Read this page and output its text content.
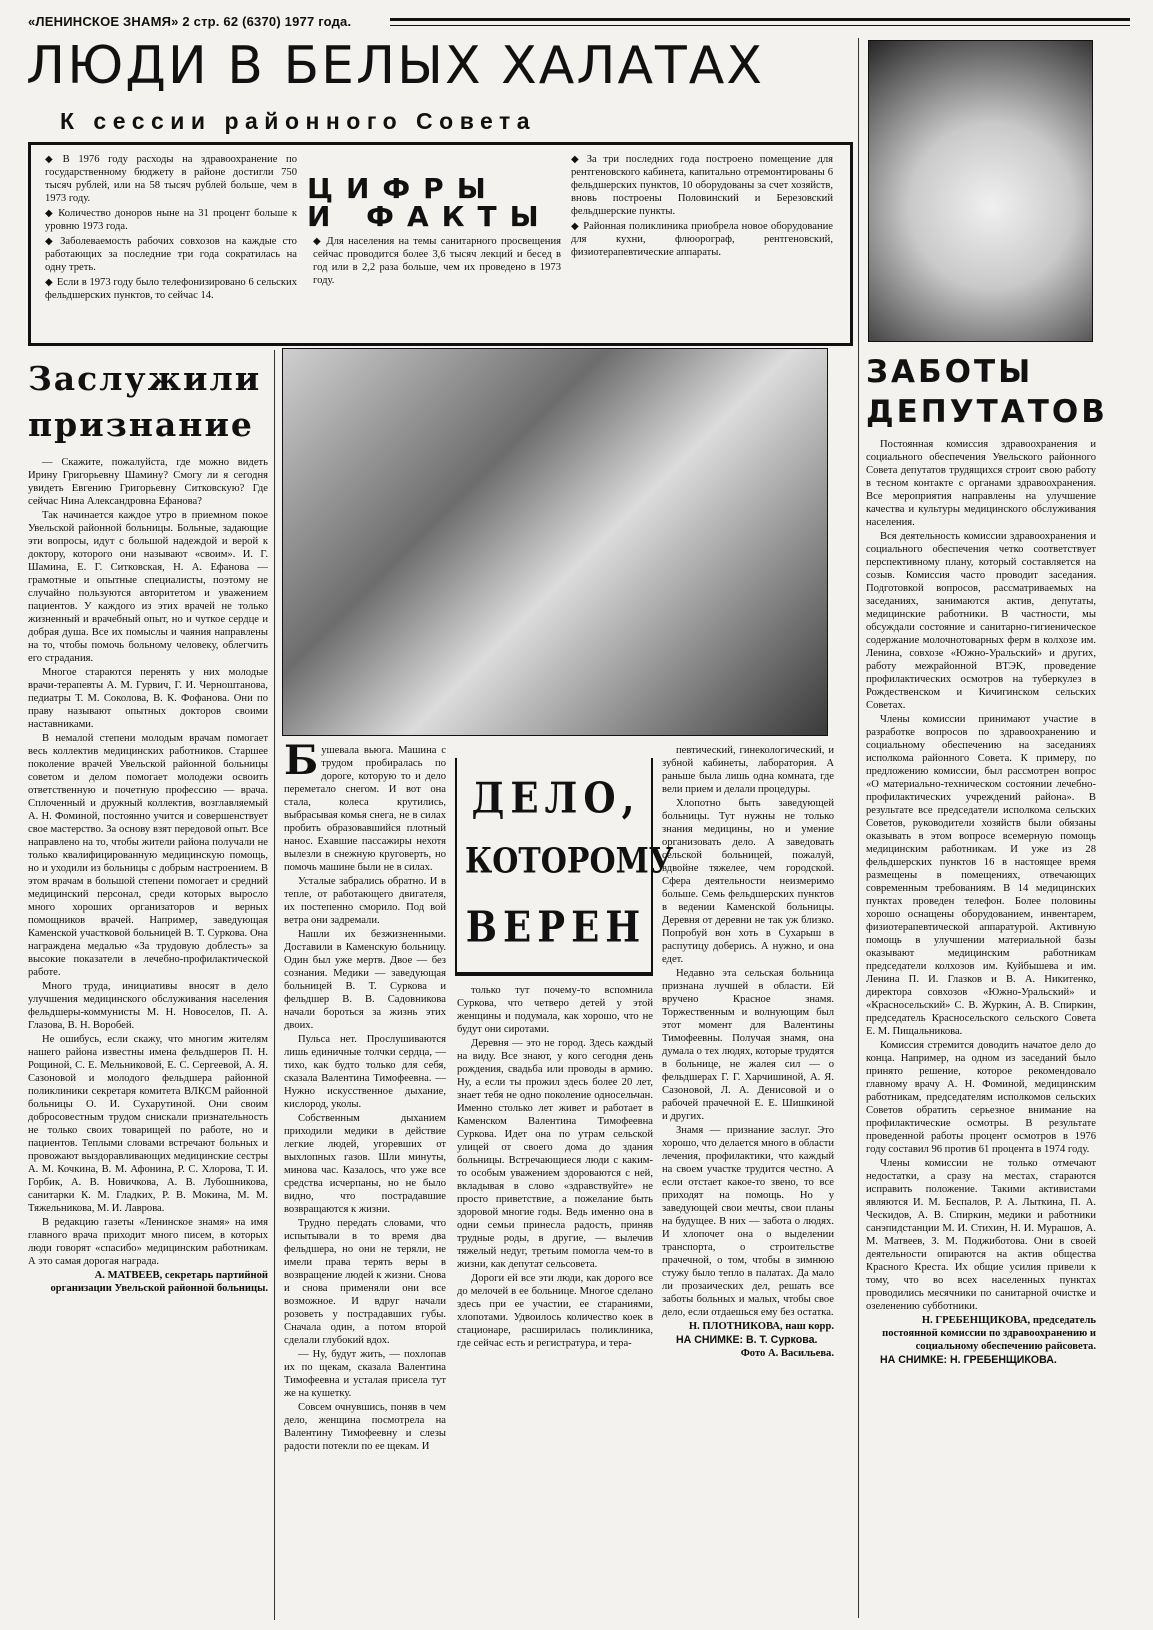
«ЛЕНИНСКОЕ ЗНАМЯ» 2 стр. 62 (6370) 1977 года.
ЛЮДИ В БЕЛЫХ ХАЛАТАХ
К сессии районного Совета
◆ В 1976 году расходы на здравоохранение по государственному бюджету в районе достигли 750 тысяч рублей, или на 58 тысяч рублей больше, чем в 1973 году.
◆ Количество доноров ныне на 31 процент больше к уровню 1973 года.
◆ Заболеваемость рабочих совхозов на каждые сто работающих за последние три года сократилась на одну треть.
◆ Если в 1973 году было телефонизировано 6 сельских фельдшерских пунктов, то сейчас 14.
ЦИФРЫ
И ФАКТЫ
◆ Для населения на темы санитарного просвещения сейчас проводится более 3,6 тысяч лекций и бесед в год или в 2,2 раза больше, чем их проведено в 1973 году.
◆ За три последних года построено помещение для рентгеновского кабинета, капитально отремонтированы 6 фельдшерских пунктов, 10 оборудованы за счет хозяйств, вновь построены Половинский и Березовский фельдшерские пункты.
◆ Районная поликлиника приобрела новое оборудование для кухни, флюорограф, рентгеновский, физиотерапевтические аппараты.
Заслужили
признание

— Скажите, пожалуйста, где можно видеть Ирину Григорьевну Шамину? Смогу ли я сегодня увидеть Евгению Григорьевну Ситковскую? Где сейчас Нина Александровна Ефанова?

Так начинается каждое утро в приемном покое Увельской районной больницы. Больные, задающие эти вопросы, идут с большой надеждой и верой к доктору, которого они называют «своим». И. Г. Шамина, Е. Г. Ситковская, Н. А. Ефанова — грамотные и опытные специалисты, поэтому не случайно пользуются авторитетом и уважением пациентов. У каждого из этих врачей не только жизненный и врачебный опыт, но и чуткое сердце и добрая душа. Все их помыслы и чаяния направлены на то, чтобы помочь больному человеку, облегчить его страдания.

Многое стараются перенять у них молодые врачи-терапевты А. М. Гурвич, Г. И. Черноштанова, педиатры Т. М. Соколова, В. К. Фофанова. Они по праву называют опытных докторов своими наставниками.

В немалой степени молодым врачам помогает весь коллектив медицинских работников. Старшее поколение врачей Увельской районной больницы советом и делом помогает молодежи освоить ответственную и почетную профессию — врача. Сплоченный и дружный коллектив, возглавляемый А. Н. Фоминой, постоянно учится и совершенствует свое мастерство. За основу взят передовой опыт. Все направлено на то, чтобы жители района получали не только квалифицированную медицинскую помощь, но и уходили из больницы с добрым настроением. В этом врачам в большой степени помогает и средний медицинский персонал, среди которых выросло много хороших организаторов и верных помощников врачей. Например, заведующая Каменской участковой больницей В. Т. Суркова. Она награждена медалью «За трудовую доблесть» за высокие показатели в лечебно-профилактической работе.

Много труда, инициативы вносят в дело улучшения медицинского обслуживания населения фельдшеры-коммунисты М. Н. Новоселов, П. А. Глазова, В. Н. Воробей.

Не ошибусь, если скажу, что многим жителям нашего района известны имена фельдшеров П. Н. Рощиной, С. Е. Мельниковой, Е. С. Сергеевой, А. Я. Сазоновой и молодого фельдшера районной поликлиники секретаря комитета ВЛКСМ районной больницы О. И. Сухарутиной. Они своим добросовестным трудом снискали признательность не только своих товарищей по работе, но и пациентов. Теплыми словами встречают больных и провожают выздоравливающих медицинские сестры А. М. Кочкина, В. М. Афонина, Р. С. Хлорова, Т. И. Горбик, А. В. Новичкова, А. В. Лубошникова, санитарки К. М. Гладких, Р. В. Мокина, М. М. Тяжельникова, М. И. Лаврова.

В редакцию газеты «Ленинское знамя» на имя главного врача приходит много писем, в которых люди говорят «спасибо» медицинским работникам. А это самая дорогая награда.

А. МАТВЕЕВ, секретарь партийной организации Увельской районной больницы.

Бушевала вьюга. Машина с трудом пробиралась по дороге, которую то и дело переметало снегом. И вот она стала, колеса крутились, выбрасывая комья снега, не в силах пробить образовавшийся плотный нанос. Ехавшие пассажиры нехотя вылезли в снежную круговерть, но помочь машине были не в силах.

Усталые забрались обратно. И в тепле, от работающего двигателя, их постепенно сморило. Под вой ветра они задремали.

Нашли их безжизненными. Доставили в Каменскую больницу. Один был уже мертв. Двое — без сознания. Медики — заведующая больницей В. Т. Суркова и фельдшер В. В. Садовникова начали бороться за жизнь этих двоих.

Пульса нет. Прослушиваются лишь единичные толчки сердца, — тихо, как будто только для себя, сказала Валентина Тимофеевна. — Нужно искусственное дыхание, кислород, уколы.

Собственным дыханием приходили медики в действие легкие людей, угоревших от выхлопных газов. Шли минуты, минова час. Казалось, что уже все средства исчерпаны, но не было видно, что пострадавшие возвращаются к жизни.

Трудно передать словами, что испытывали в то время два фельдшера, но они не теряли, не имели права терять веры в возвращение людей к жизни. Снова и снова применяли они все возможное. И вдруг начали розоветь у пострадавших губы. Сначала один, а потом второй сделали глубокий вдох.

— Ну, будут жить, — похлопав их по щекам, сказала Валентина Тимофеевна и усталая присела тут же на кушетку.

Совсем очнувшись, поняв в чем дело, женщина посмотрела на Валентину Тимофеевну и слезы радости потекли по ее щекам. И

ДЕЛО,
КОТОРОМУ
ВЕРЕН

только тут почему-то вспомнила Суркова, что четверо детей у этой женщины и подумала, как хорошо, что не будут они сиротами.

Деревня — это не город. Здесь каждый на виду. Все знают, у кого сегодня день рождения, свадьба или проводы в армию. Ну, а если ты прожил здесь более 20 лет, знает тебя не одно поколение односельчан. Именно столько лет живет и работает в Каменском Валентина Тимофеевна Суркова. Идет она по утрам сельской улицей от своего дома до здания больницы. Встречающиеся люди с каким-то особым уважением здороваются с ней, вкладывая в слово «здравствуйте» не просто приветствие, а пожелание быть здоровой многие годы. Ведь именно она в одни семьи принесла радость, приняв трудные роды, в другие, — вылечив тяжелый недуг, третьим помогла чем-то в жизни, как депутат сельсовета.

Дороги ей все эти люди, как дорого все до мелочей в ее больнице. Многое сделано здесь при ее участии, ее стараниями, хлопотами. Удвоилось количество коек в стационаре, расширилась поликлиника, где сейчас есть и регистратура, и тера-

певтический, гинекологический, и зубной кабинеты, лаборатория. А раньше была лишь одна комната, где вели прием и делали процедуры.

Хлопотно быть заведующей больницы. Тут нужны не только знания медицины, но и умение организовать дело. А заведовать сельской больницей, пожалуй, вдвойне тяжелее, чем городской. Сфера деятельности неизмеримо больше. Семь фельдшерских пунктов в ведении Каменской больницы. Деревня от деревни не так уж близко. Попробуй вон хоть в Сухарыш в распутицу доберись. А нужно, и она едет.

Недавно эта сельская больница признана лучшей в области. Ей вручено Красное знамя. Торжественным и волнующим был этот момент для Валентины Тимофеевны. Получая знамя, она думала о тех людях, которые трудятся в больнице, не жалея сил — о фельдшерах Г. Г. Харчишиной, А. Я. Сазоновой, Л. А. Денисовой и о рабочей прачечной Е. Е. Шишкиной и других.

Знамя — признание заслуг. Это хорошо, что делается много в области лечения, профилактики, что каждый на своем участке трудится честно. А если отстает какое-то звено, то все приходят на помощь. Но у заведующей свои мечты, свои планы на будущее. В них — забота о людях. И хлопочет она о выделении транспорта, о строительстве прачечной, о том, чтобы в зимнюю стужу было тепло в палатах. Да мало ли прозаических дел, решать все заботы больных и малых, чтобы свое дело, если отдаешься ему без остатка.

Н. ПЛОТНИКОВА, наш корр.

НА СНИМКЕ: В. Т. Суркова.

Фото А. Васильева.

ЗАБОТЫ
ДЕПУТАТОВ

Постоянная комиссия здравоохранения и социального обеспечения Увельского районного Совета депутатов трудящихся строит свою работу в тесном контакте с органами здравоохранения. Все мероприятия направлены на улучшение качества и культуры медицинского обслуживания населения.

Вся деятельность комиссии здравоохранения и социального обеспечения четко соответствует перспективному плану, который составляется на созыв. Комиссия часто проводит заседания. Подготовкой вопросов, рассматриваемых на заседаниях, занимаются актив, депутаты, медицинские работники. В частности, мы обсуждали состояние и санитарно-гигиеническое содержание молочнотоварных ферм в колхозе им. Ленина, совхозе «Южно-Уральский» и других, работу межрайонной ВТЭК, проведение профилактических осмотров на туберкулез в Рождественском и Кичигинском сельских Советах.

Члены комиссии принимают участие в разработке вопросов по здравоохранению и социальному обеспечению на заседаниях исполкома районного Совета. К примеру, по предложению комиссии, был рассмотрен вопрос «О материально-техническом состоянии лечебно-профилактических учреждений района». В результате все председатели исполкома сельских Советов, руководители хозяйств были обязаны оказывать в этом вопросе всемерную помощь медицинским работникам. И уже из 28 фельдшерских пунктов 16 в настоящее время размещены в помещениях, отвечающих современным требованиям. В 14 медицинских пунктах проведен телефон. Более половины хорошо оснащены оборудованием, инвентарем, физиотерапевтической аппаратурой. Активную помощь в улучшении материальной базы оказывают медицинским работникам председатели колхозов им. Куйбышева и им. Ленина П. И. Глазков и В. А. Никитенко, директора совхозов «Южно-Уральский» и «Красносельский» С. В. Журкин, А. В. Спиркин, председатель Красносельского сельского Совета Е. М. Пищальникова.

Комиссия стремится доводить начатое дело до конца. Например, на одном из заседаний было принято решение, которое рекомендовало главному врачу А. Н. Фоминой, медицинским работникам, председателям исполкомов сельских Советов обратить серьезное внимание на профилактические осмотры. В результате проведенной работы процент осмотров в 1976 году составил 96 против 61 процента в 1974 году.

Члены комиссии не только отмечают недостатки, а сразу на местах, стараются исправить положение. Такими активистами являются И. М. Беспалов, Р. А. Лыткина, П. А. Ческидов, А. В. Спиркин, медики и работники санэпидстанции М. И. Стихин, Н. И. Мурашов, А. М. Матвеев, З. М. Поджиботова. Они в своей деятельности опираются на актив общества Красного Креста. Их общие усилия привели к тому, что во всех населенных пунктах проводились месячники по санитарной очистке и озеленению субботники.

Н. ГРЕБЕНЩИКОВА, председатель постоянной комиссии по здравоохранению и социальному обеспечению райсовета.

НА СНИМКЕ: Н. ГРЕБЕНЩИКОВА.
